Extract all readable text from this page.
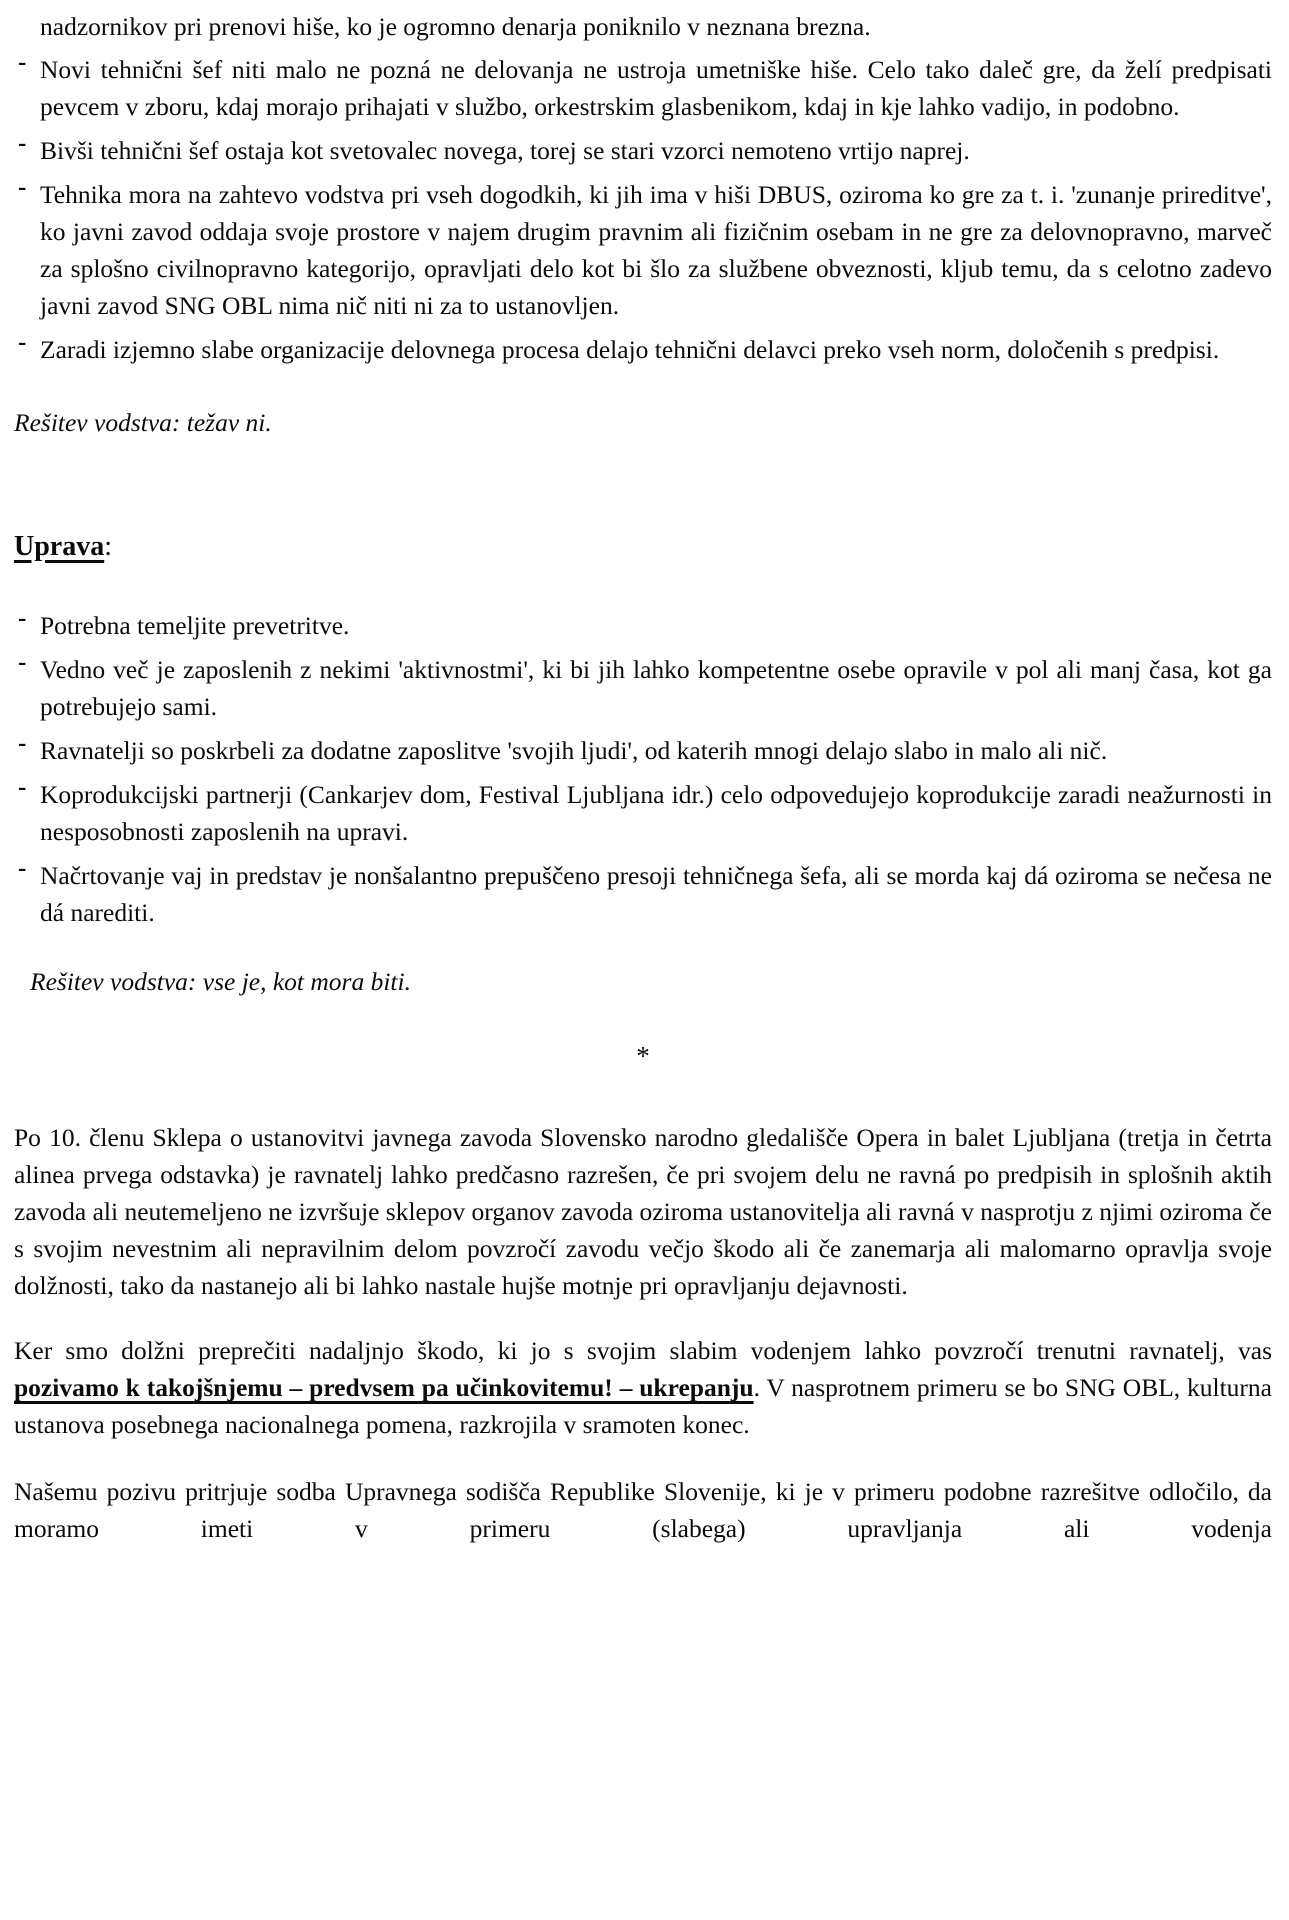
nadzornikov pri prenovi hiše, ko je ogromno denarja poniknilo v neznana brezna.

- Novi tehnični šef niti malo ne pozná ne delovanja ne ustroja umetniške hiše. Celo tako daleč gre, da želí predpisati pevcem v zboru, kdaj morajo prihajati v službo, orkestrskim glasbenikom, kdaj in kje lahko vadijo, in podobno.
- Bivši tehnični šef ostaja kot svetovalec novega, torej se stari vzorci nemoteno vrtijo naprej.
- Tehnika mora na zahtevo vodstva pri vseh dogodkih, ki jih ima v hiši DBUS, oziroma ko gre za t. i. 'zunanje prireditve', ko javni zavod oddaja svoje prostore v najem drugim pravnim ali fizičnim osebam in ne gre za delovnopravno, marveč za splošno civilnopravno kategorijo, opravljati delo kot bi šlo za službene obveznosti, kljub temu, da s celotno zadevo javni zavod SNG OBL nima nič niti ni za to ustanovljen.
- Zaradi izjemno slabe organizacije delovnega procesa delajo tehnični delavci preko vseh norm, določenih s predpisi.

Rešitev vodstva: težav ni.

Uprava:
- Potrebna temeljite prevetritve.
- Vedno več je zaposlenih z nekimi 'aktivnostmi', ki bi jih lahko kompetentne osebe opravile v pol ali manj časa, kot ga potrebujejo sami.
- Ravnatelji so poskrbeli za dodatne zaposlitve 'svojih ljudi', od katerih mnogi delajo slabo in malo ali nič.
- Koprodukcijski partnerji (Cankarjev dom, Festival Ljubljana idr.) celo odpovedujejo koprodukcije zaradi neažurnosti in nesposobnosti zaposlenih na upravi.
- Načrtovanje vaj in predstav je nonšalantno prepuščeno presoji tehničnega šefa, ali se morda kaj dá oziroma se nečesa ne dá narediti.

Rešitev vodstva: vse je, kot mora biti.

*

Po 10. členu Sklepa o ustanovitvi javnega zavoda Slovensko narodno gledališče Opera in balet Ljubljana (tretja in četrta alinea prvega odstavka) je ravnatelj lahko predčasno razrešen, če pri svojem delu ne ravná po predpisih in splošnih aktih zavoda ali neutemeljeno ne izvršuje sklepov organov zavoda oziroma ustanovitelja ali ravná v nasprotju z njimi oziroma če s svojim nevestnim ali nepravilnim delom povzročí zavodu večjo škodo ali če zanemarja ali malomarno opravlja svoje dolžnosti, tako da nastanejo ali bi lahko nastale hujše motnje pri opravljanju dejavnosti.

Ker smo dolžni preprečiti nadaljnjo škodo, ki jo s svojim slabim vodenjem lahko povzročí trenutni ravnatelj, vas pozivamo k takojšnjemu – predvsem pa učinkovitemu! – ukrepanju. V nasprotnem primeru se bo SNG OBL, kulturna ustanova posebnega nacionalnega pomena, razkrojila v sramoten konec.

Našemu pozivu pritrjuje sodba Upravnega sodišča Republike Slovenije, ki je v primeru podobne razrešitve odločilo, da moramo imeti v primeru (slabega) upravljanja ali vodenja
